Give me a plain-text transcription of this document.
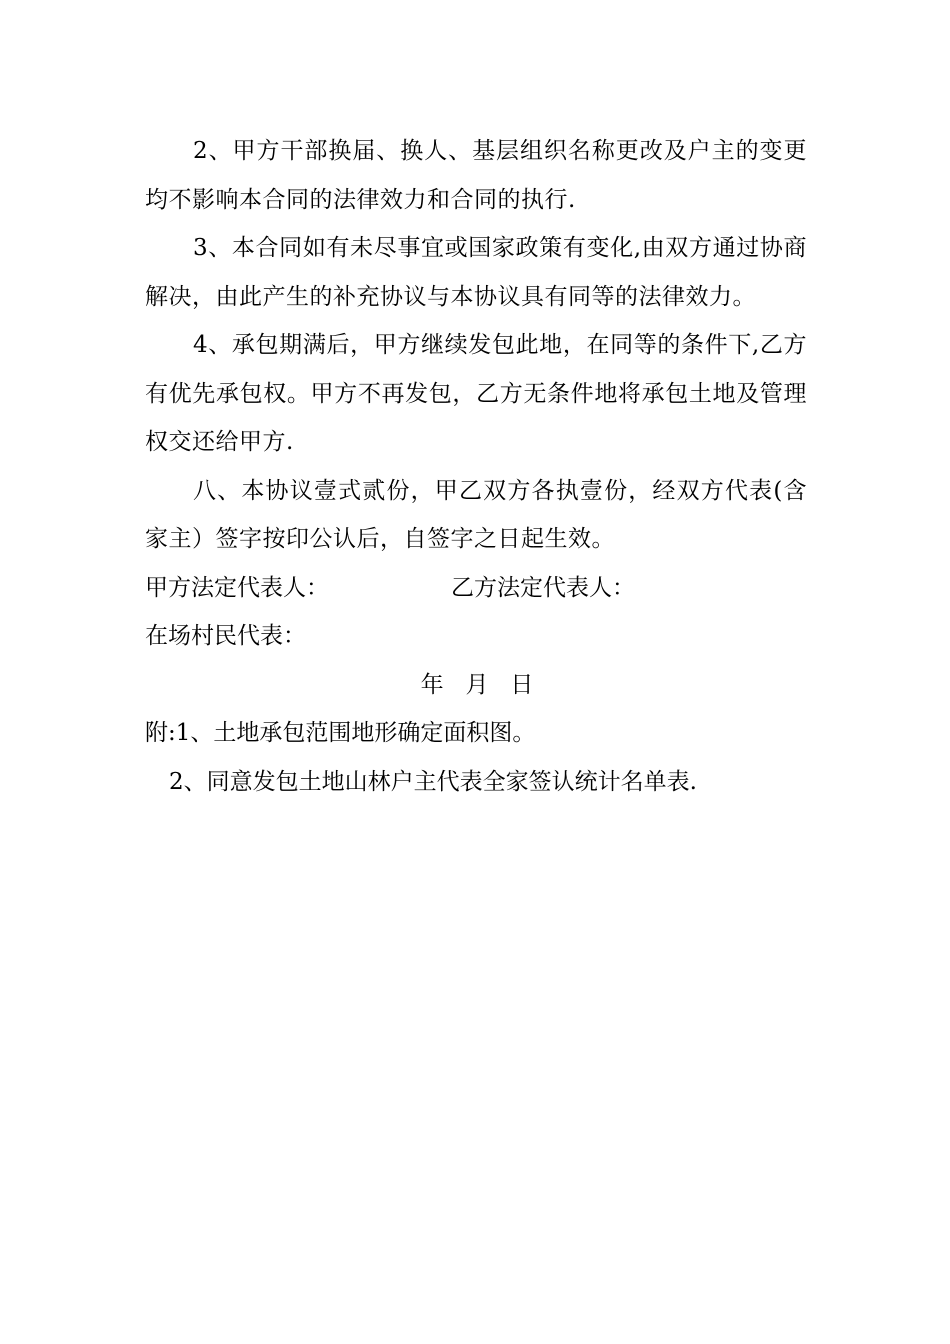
2、甲方干部换届、换人、基层组织名称更改及户主的变更均不影响本合同的法律效力和合同的执行.

3、本合同如有未尽事宜或国家政策有变化,由双方通过协商解决，由此产生的补充协议与本协议具有同等的法律效力。

4、承包期满后，甲方继续发包此地，在同等的条件下,乙方有优先承包权。甲方不再发包，乙方无条件地将承包土地及管理权交还给甲方.

八、本协议壹式贰份，甲乙双方各执壹份，经双方代表(含家主）签字按印公认后，自签字之日起生效。

甲方法定代表人：	乙方法定代表人：

在场村民代表：

年   月   日

附:1、土地承包范围地形确定面积图。

2、同意发包土地山林户主代表全家签认统计名单表.
